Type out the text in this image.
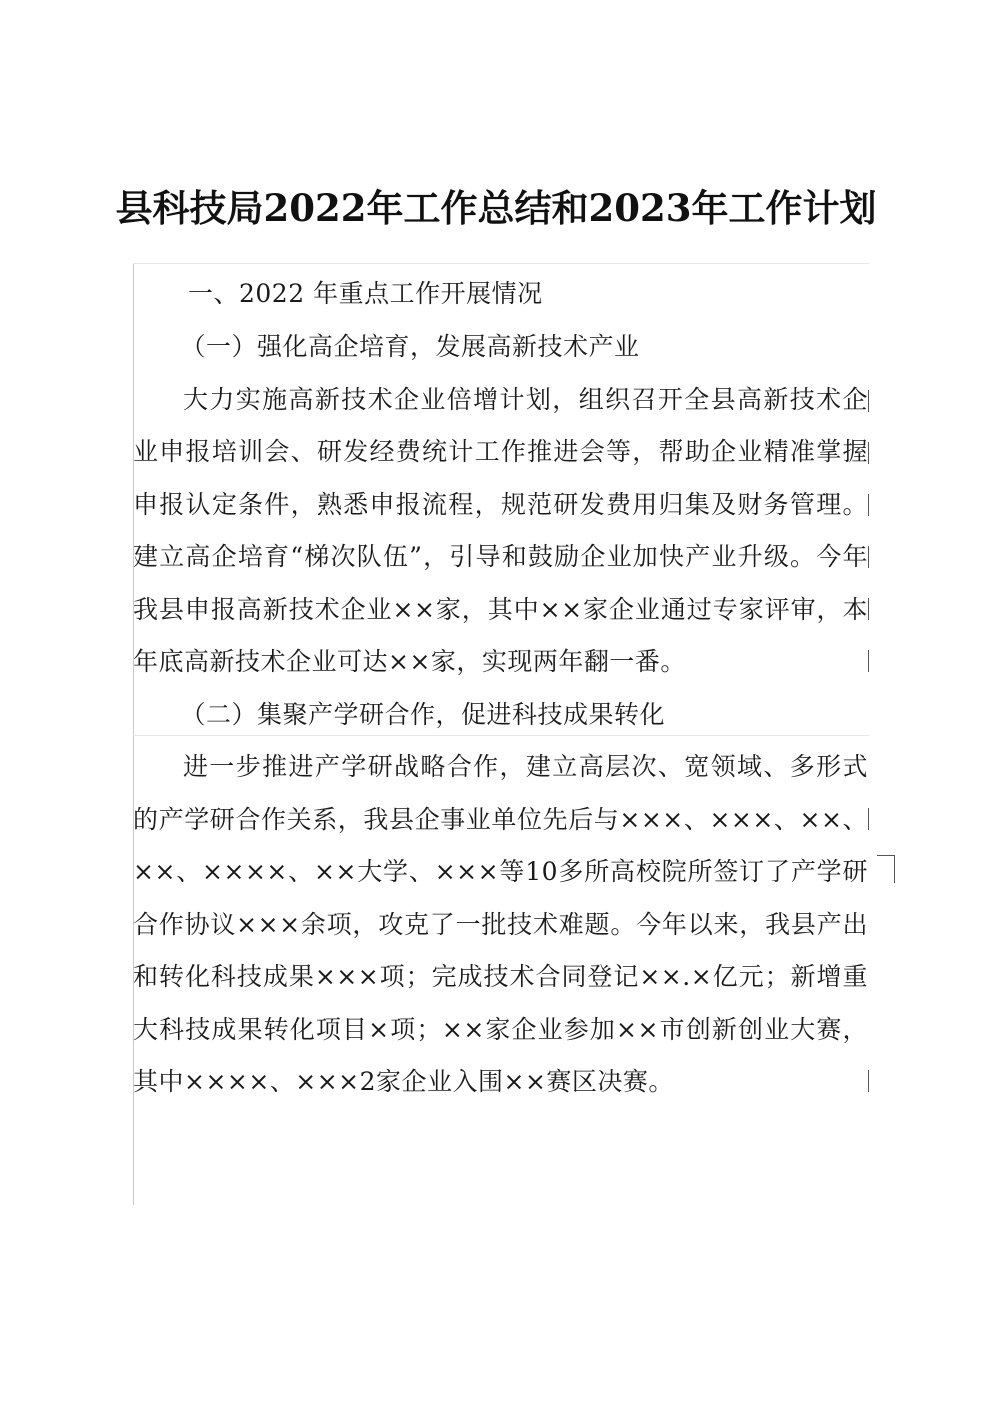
县科技局2022年工作总结和2023年工作计划

一、2022 年重点工作开展情况

（一）强化高企培育，发展高新技术产业

大力实施高新技术企业倍增计划，组织召开全县高新技术企业申报培训会、研发经费统计工作推进会等，帮助企业精准掌握申报认定条件，熟悉申报流程，规范研发费用归集及财务管理。建立高企培育“梯次队伍”，引导和鼓励企业加快产业升级。今年我县申报高新技术企业××家，其中××家企业通过专家评审，本年底高新技术企业可达××家，实现两年翻一番。

（二）集聚产学研合作，促进科技成果转化

进一步推进产学研战略合作，建立高层次、宽领域、多形式的产学研合作关系，我县企事业单位先后与×××、×××、××、××、××××、××大学、×××等10多所高校院所签订了产学研合作协议×××余项，攻克了一批技术难题。今年以来，我县产出和转化科技成果×××项；完成技术合同登记××.×亿元；新增重大科技成果转化项目×项；××家企业参加××市创新创业大赛，其中××××、×××2家企业入围××赛区决赛。
